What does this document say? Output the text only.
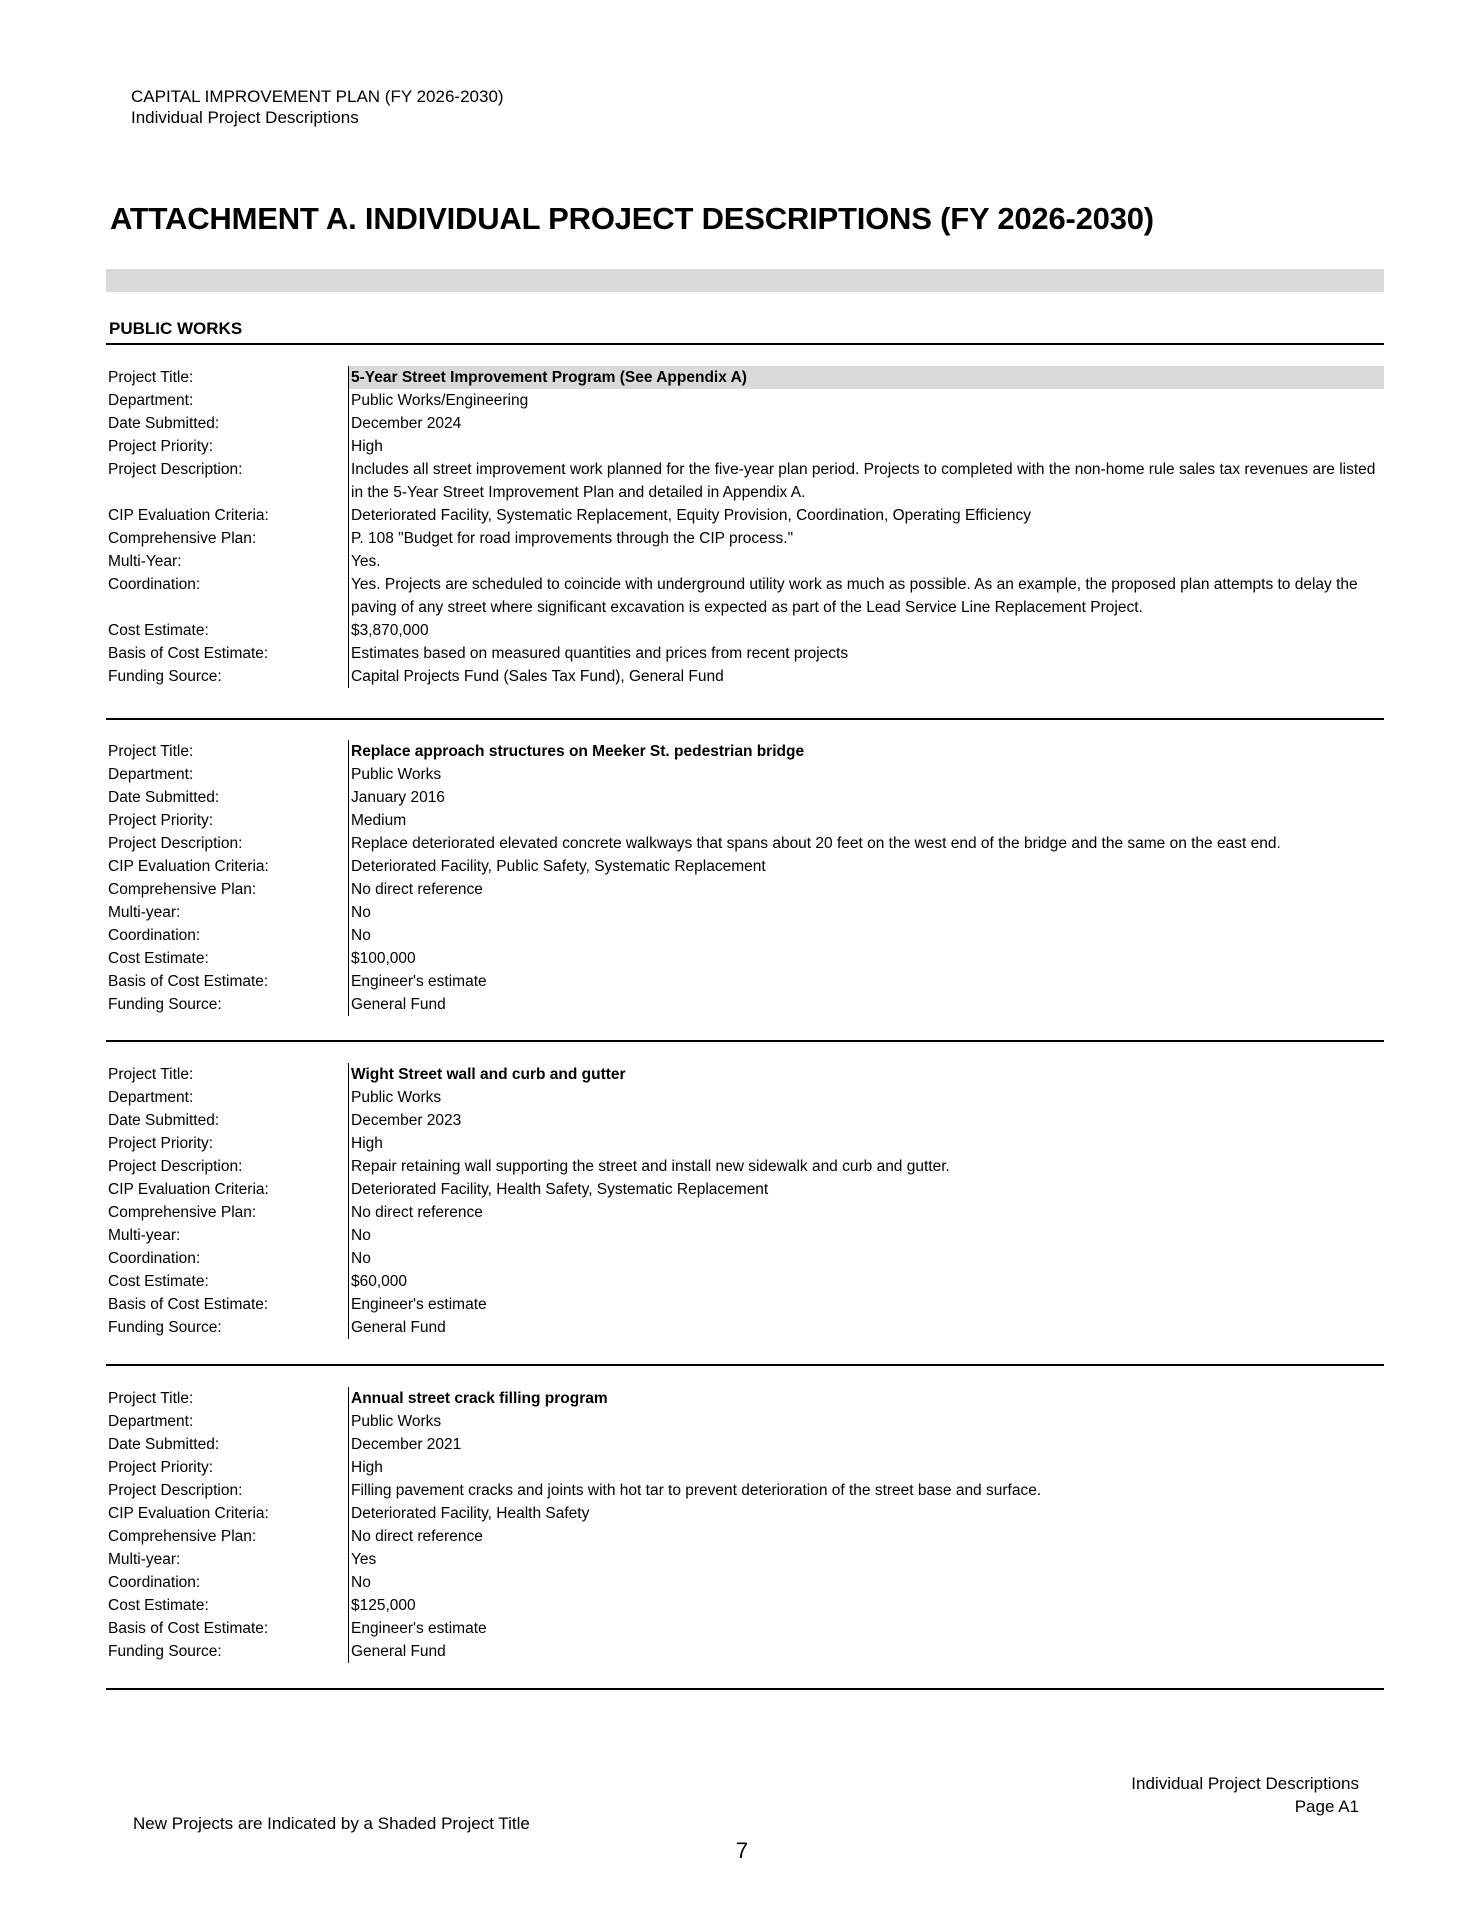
CAPITAL IMPROVEMENT PLAN (FY 2026-2030)
Individual Project Descriptions
ATTACHMENT A. INDIVIDUAL PROJECT DESCRIPTIONS (FY 2026-2030)
PUBLIC WORKS
Project Title:	5-Year Street Improvement Program (See Appendix A)
Department:	Public Works/Engineering
Date Submitted:	December 2024
Project Priority:	High
Project Description:	Includes all street improvement work planned for the five-year plan period. Projects to completed with the non-home rule sales tax revenues are listed in the 5-Year Street Improvement Plan and detailed in Appendix A.
CIP Evaluation Criteria:	Deteriorated Facility, Systematic Replacement, Equity Provision, Coordination, Operating Efficiency
Comprehensive Plan:	P. 108 "Budget for road improvements through the CIP process."
Multi-Year:	Yes.
Coordination:	Yes. Projects are scheduled to coincide with underground utility work as much as possible. As an example, the proposed plan attempts to delay the paving of any street where significant excavation is expected as part of the Lead Service Line Replacement Project.
Cost Estimate:	$3,870,000
Basis of Cost Estimate:	Estimates based on measured quantities and prices from recent projects
Funding Source:	Capital Projects Fund (Sales Tax Fund), General Fund
Project Title:	Replace approach structures on Meeker St. pedestrian bridge
Department:	Public Works
Date Submitted:	January 2016
Project Priority:	Medium
Project Description:	Replace deteriorated elevated concrete walkways that spans about 20 feet on the west end of the bridge and the same on the east end.
CIP Evaluation Criteria:	Deteriorated Facility, Public Safety, Systematic Replacement
Comprehensive Plan:	No direct reference
Multi-year:	No
Coordination:	No
Cost Estimate:	$100,000
Basis of Cost Estimate:	Engineer's estimate
Funding Source:	General Fund
Project Title:	Wight Street wall and curb and gutter
Department:	Public Works
Date Submitted:	December 2023
Project Priority:	High
Project Description:	Repair retaining wall supporting the street and install new sidewalk and curb and gutter.
CIP Evaluation Criteria:	Deteriorated Facility, Health Safety, Systematic Replacement
Comprehensive Plan:	No direct reference
Multi-year:	No
Coordination:	No
Cost Estimate:	$60,000
Basis of Cost Estimate:	Engineer's estimate
Funding Source:	General Fund
Project Title:	Annual street crack filling program
Department:	Public Works
Date Submitted:	December 2021
Project Priority:	High
Project Description:	Filling pavement cracks and joints with hot tar to prevent deterioration of the street base and surface.
CIP Evaluation Criteria:	Deteriorated Facility, Health Safety
Comprehensive Plan:	No direct reference
Multi-year:	Yes
Coordination:	No
Cost Estimate:	$125,000
Basis of Cost Estimate:	Engineer's estimate
Funding Source:	General Fund
Individual Project Descriptions
Page A1
New Projects are Indicated by a Shaded Project Title
7
